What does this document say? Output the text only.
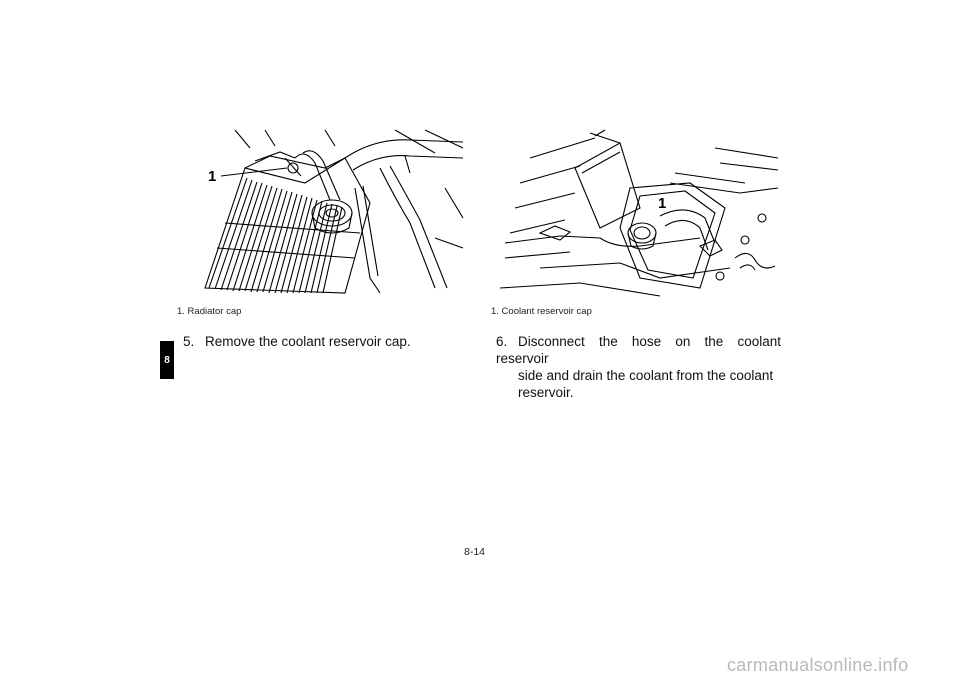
8
1
1
1. Radiator cap	1. Coolant reservoir cap
5. Remove the coolant reservoir cap.	6. Disconnect the hose on the coolant reservoir
side and drain the coolant from the coolant
reservoir.
8-14
carmanualsonline.info
